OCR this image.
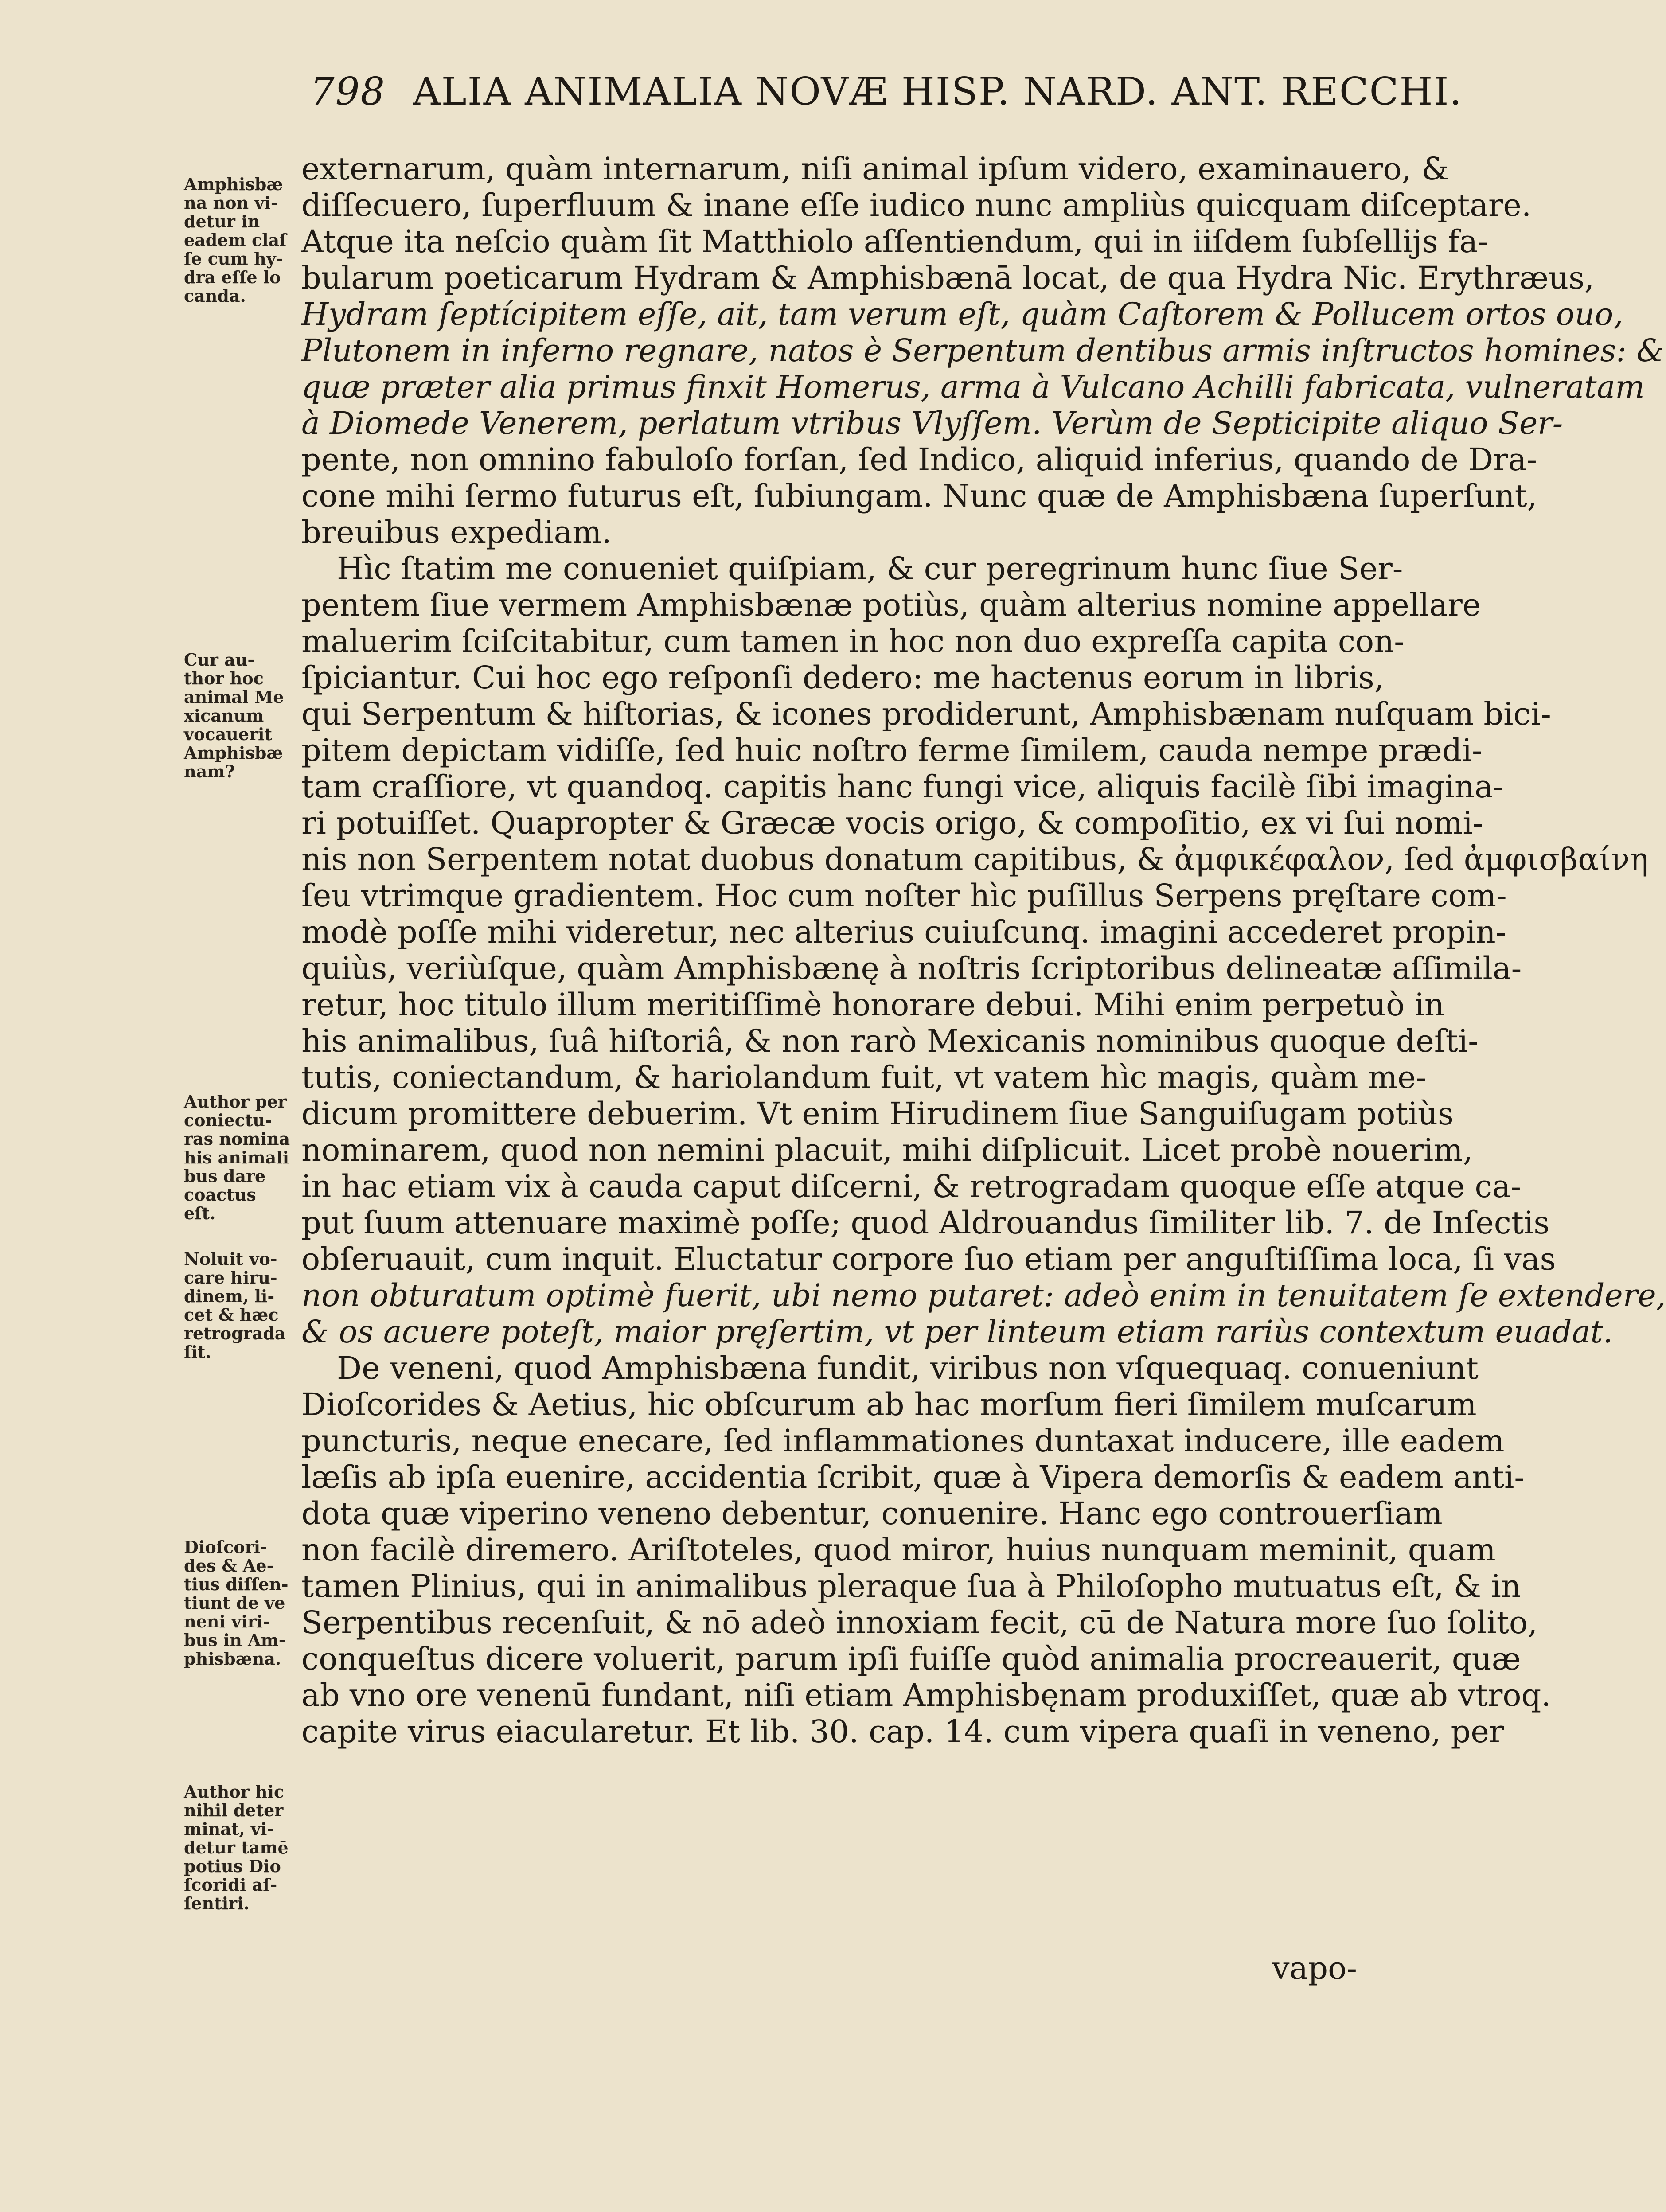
798 ALIA ANIMALIA NOVÆ HISP. NARD. ANT. RECCHI.
Amphisbæ
na non vi-
detur in
eadem claſ
ſe cum hy-
dra eſſe lo
canda.
Cur au-
thor hoc
animal Me
xicanum
vocauerit
Amphisbæ
nam?
Author per
coniectu-
ras nomina
his animali
bus dare
coactus
eſt.
Noluit vo-
care hiru-
dinem, li-
cet & hæc
retrograda
ſit.
Dioſcori-
des & Ae-
tius diſſen-
tiunt de ve
neni viri-
bus in Am-
phisbæna.
Author hic
nihil deter
minat, vi-
detur tamē
potius Dio
ſcoridi aſ-
ſentiri.
externarum, quàm internarum, niſi animal ipſum videro, examinauero, &
diſſecuero, ſuperfluum & inane eſſe iudico nunc ampliùs quicquam diſceptare.
Atque ita neſcio quàm ſit Matthiolo aſſentiendum, qui in iiſdem ſubſellijs fa-
bularum poeticarum Hydram & Amphisbænā locat, de qua Hydra Nic. Erythræus,
Hydram ſeptícipitem eſſe, ait, tam verum eſt, quàm Caſtorem & Pollucem ortos ouo,
Plutonem in inferno regnare, natos è Serpentum dentibus armis inſtructos homines: &
quæ præter alia primus finxit Homerus, arma à Vulcano Achilli fabricata, vulneratam
à Diomede Venerem, perlatum vtribus Vlyſſem. Verùm de Septicipite aliquo Ser-
pente, non omnino fabuloſo forſan, ſed Indico, aliquid inferius, quando de Dra-
cone mihi ſermo futurus eſt, ſubiungam. Nunc quæ de Amphisbæna ſuperſunt,
breuibus expediam.
Hìc ſtatim me conueniet quiſpiam, & cur peregrinum hunc ſiue Ser-
pentem ſiue vermem Amphisbænæ potiùs, quàm alterius nomine appellare
maluerim ſciſcitabitur, cum tamen in hoc non duo expreſſa capita con-
ſpiciantur. Cui hoc ego reſponſi dedero: me hactenus eorum in libris,
qui Serpentum & hiſtorias, & icones prodiderunt, Amphisbænam nuſquam bici-
pitem depictam vidiſſe, ſed huic noſtro ferme ſimilem, cauda nempe prædi-
tam craſſiore, vt quandoq. capitis hanc fungi vice, aliquis facilè ſibi imagina-
ri potuiſſet. Quapropter & Græcæ vocis origo, & compoſitio, ex vi ſui nomi-
nis non Serpentem notat duobus donatum capitibus, & ἀμφικέφαλον, ſed ἀμφισβαίνη
ſeu vtrimque gradientem. Hoc cum noſter hìc puſillus Serpens pręſtare com-
modè poſſe mihi videretur, nec alterius cuiuſcunq. imagini accederet propin-
quiùs, veriùſque, quàm Amphisbænę à noſtris ſcriptoribus delineatæ aſſimila-
retur, hoc titulo illum meritiſſimè honorare debui. Mihi enim perpetuò in
his animalibus, ſuâ hiſtoriâ, & non rarò Mexicanis nominibus quoque deſti-
tutis, coniectandum, & hariolandum fuit, vt vatem hìc magis, quàm me-
dicum promittere debuerim. Vt enim Hirudinem ſiue Sanguiſugam potiùs
nominarem, quod non nemini placuit, mihi diſplicuit. Licet probè nouerim,
in hac etiam vix à cauda caput diſcerni, & retrogradam quoque eſſe atque ca-
put ſuum attenuare maximè poſſe; quod Aldrouandus ſimiliter lib. 7. de Inſectis
obſeruauit, cum inquit. Eluctatur corpore ſuo etiam per anguſtiſſima loca, ſi vas
non obturatum optimè fuerit, ubi nemo putaret: adeò enim in tenuitatem ſe extendere,
& os acuere poteſt, maior pręſertim, vt per linteum etiam rariùs contextum euadat.
De veneni, quod Amphisbæna fundit, viribus non vſquequaq. conueniunt
Dioſcorides & Aetius, hic obſcurum ab hac morſum fieri ſimilem muſcarum
puncturis, neque enecare, ſed inflammationes duntaxat inducere, ille eadem
læſis ab ipſa euenire, accidentia ſcribit, quæ à Vipera demorſis & eadem anti-
dota quæ viperino veneno debentur, conuenire. Hanc ego controuerſiam
non facilè diremero. Ariſtoteles, quod miror, huius nunquam meminit, quam
tamen Plinius, qui in animalibus pleraque ſua à Philoſopho mutuatus eſt, & in
Serpentibus recenſuit, & nō adeò innoxiam fecit, cū de Natura more ſuo ſolito,
conqueſtus dicere voluerit, parum ipſi fuiſſe quòd animalia procreauerit, quæ
ab vno ore venenū fundant, niſi etiam Amphisbęnam produxiſſet, quæ ab vtroq.
capite virus eiacularetur. Et lib. 30. cap. 14. cum vipera quaſi in veneno, per
vapo-
